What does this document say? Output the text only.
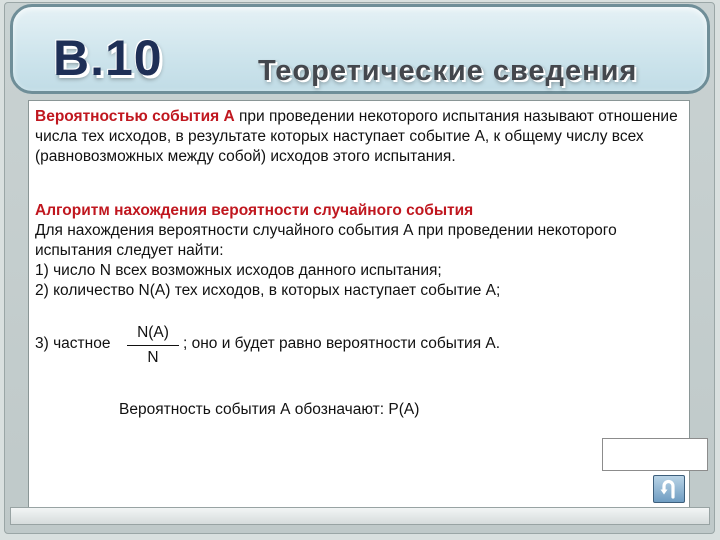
B.10	Теоретические сведения
Вероятностью события А при проведении некоторого испытания называют отношение числа тех исходов, в результате которых наступает событие А, к общему числу всех (равновозможных между собой) исходов этого испытания.
Алгоритм нахождения вероятности случайного события
Для нахождения вероятности случайного события А при проведении некоторого испытания следует найти:
1) число N всех возможных исходов данного испытания;
2) количество N(A) тех исходов, в которых наступает событие А;
3) частное
N(A)
N
; оно и будет равно вероятности события А.
Вероятность события А обозначают: Р(А)
